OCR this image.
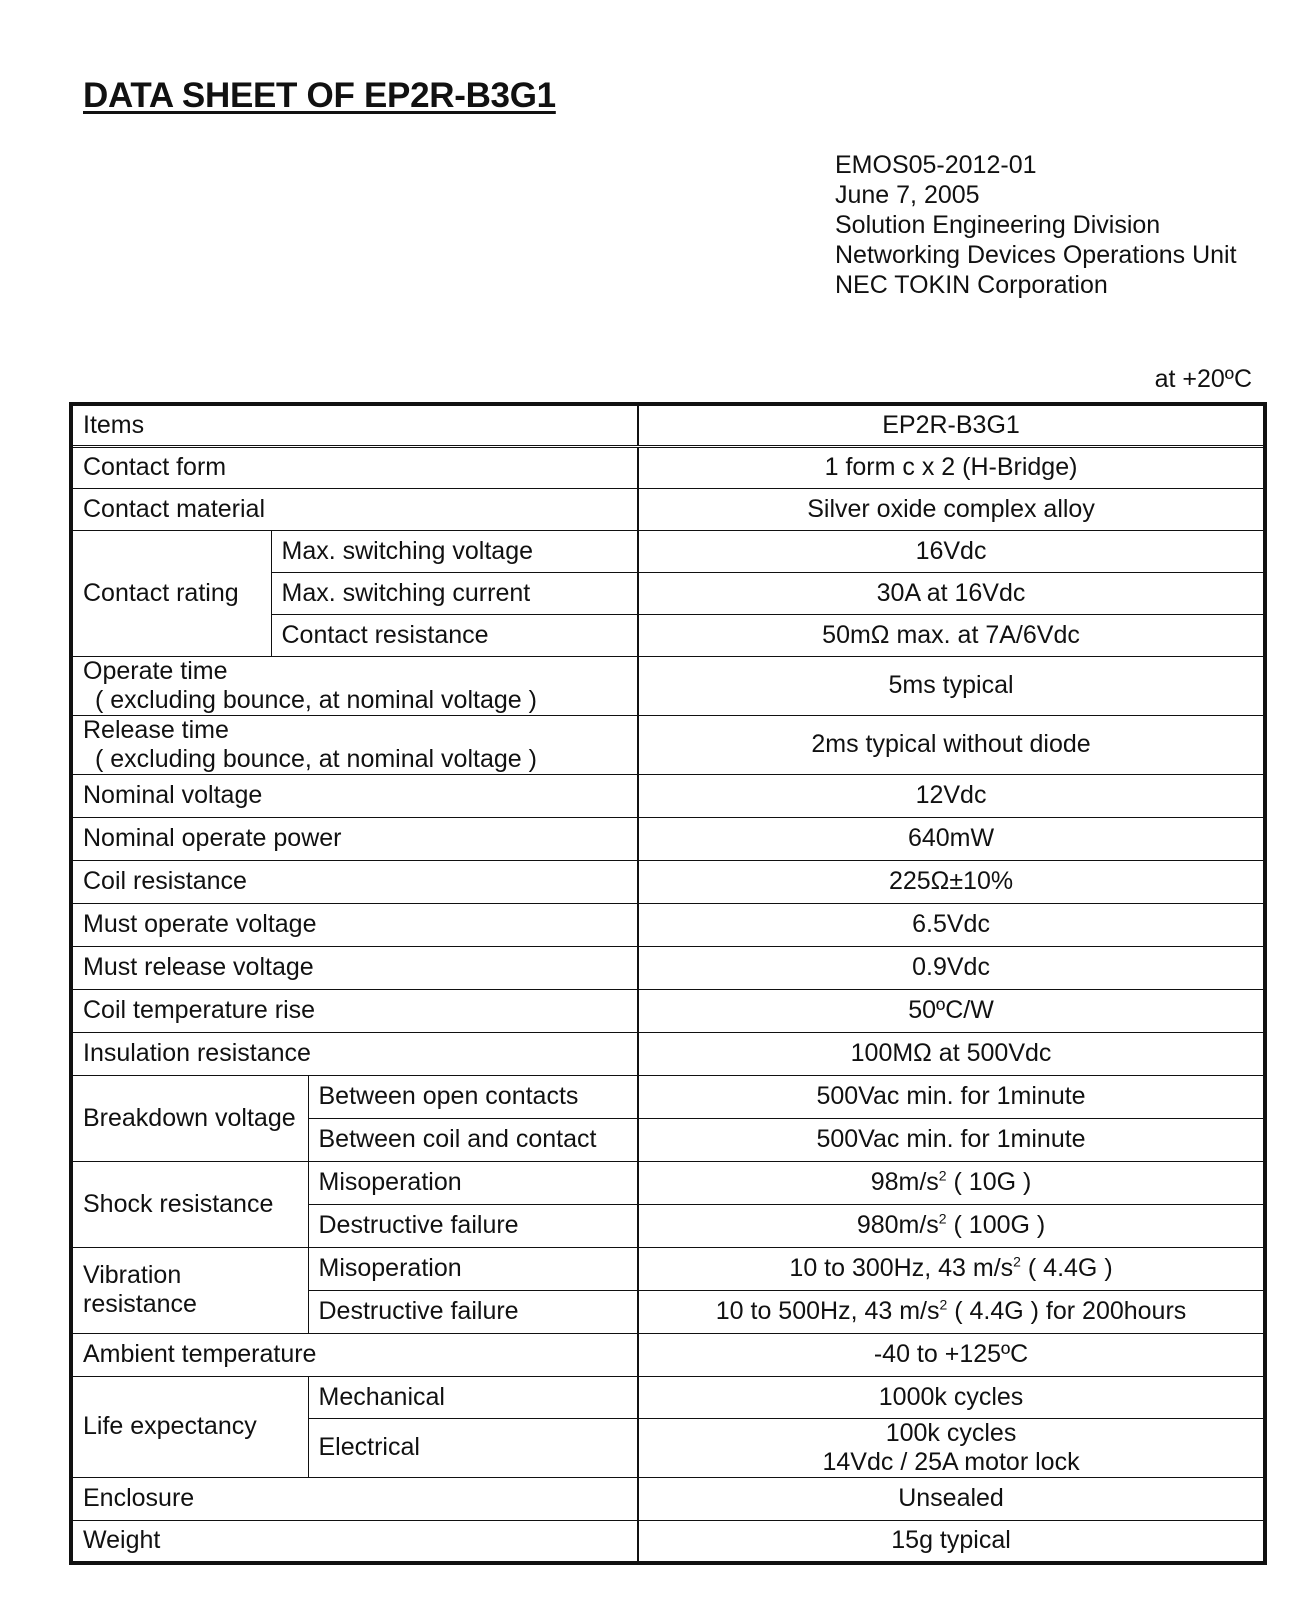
DATA SHEET OF EP2R-B3G1
EMOS05-2012-01
June 7, 2005
Solution Engineering Division
Networking Devices Operations Unit
NEC TOKIN Corporation
at +20ºC
Items			EP2R-B3G1
Contact form			1 form c x 2 (H-Bridge)
Contact material			Silver oxide complex alloy
Contact rating	Max. switching voltage		16Vdc
	Max. switching current		30A at 16Vdc
	Contact resistance		50mΩ max. at 7A/6Vdc
Operate time
( excluding bounce, at nominal voltage )			5ms typical
Release time
( excluding bounce, at nominal voltage )			2ms typical without diode
Nominal voltage			12Vdc
Nominal operate power			640mW
Coil resistance			225Ω±10%
Must operate voltage			6.5Vdc
Must release voltage			0.9Vdc
Coil temperature rise			50ºC/W
Insulation resistance			100MΩ at 500Vdc
Breakdown voltage		Between open contacts	500Vac min. for 1minute
		Between coil and contact	500Vac min. for 1minute
Shock resistance		Misoperation	$98m/s^2$ ( 10G )
		Destructive failure	$980m/s^2$ ( 100G )
Vibration
resistance		Misoperation	10 to 300Hz, 43 $m/s^2$ ( 4.4G )
		Destructive failure	10 to 500Hz, 43 $m/s^2$ ( 4.4G ) for 200hours
Ambient temperature			-40 to +125ºC
Life expectancy		Mechanical	1000k cycles
		Electrical	100k cycles
14Vdc / 25A motor lock
Enclosure			Unsealed
Weight			15g typical
